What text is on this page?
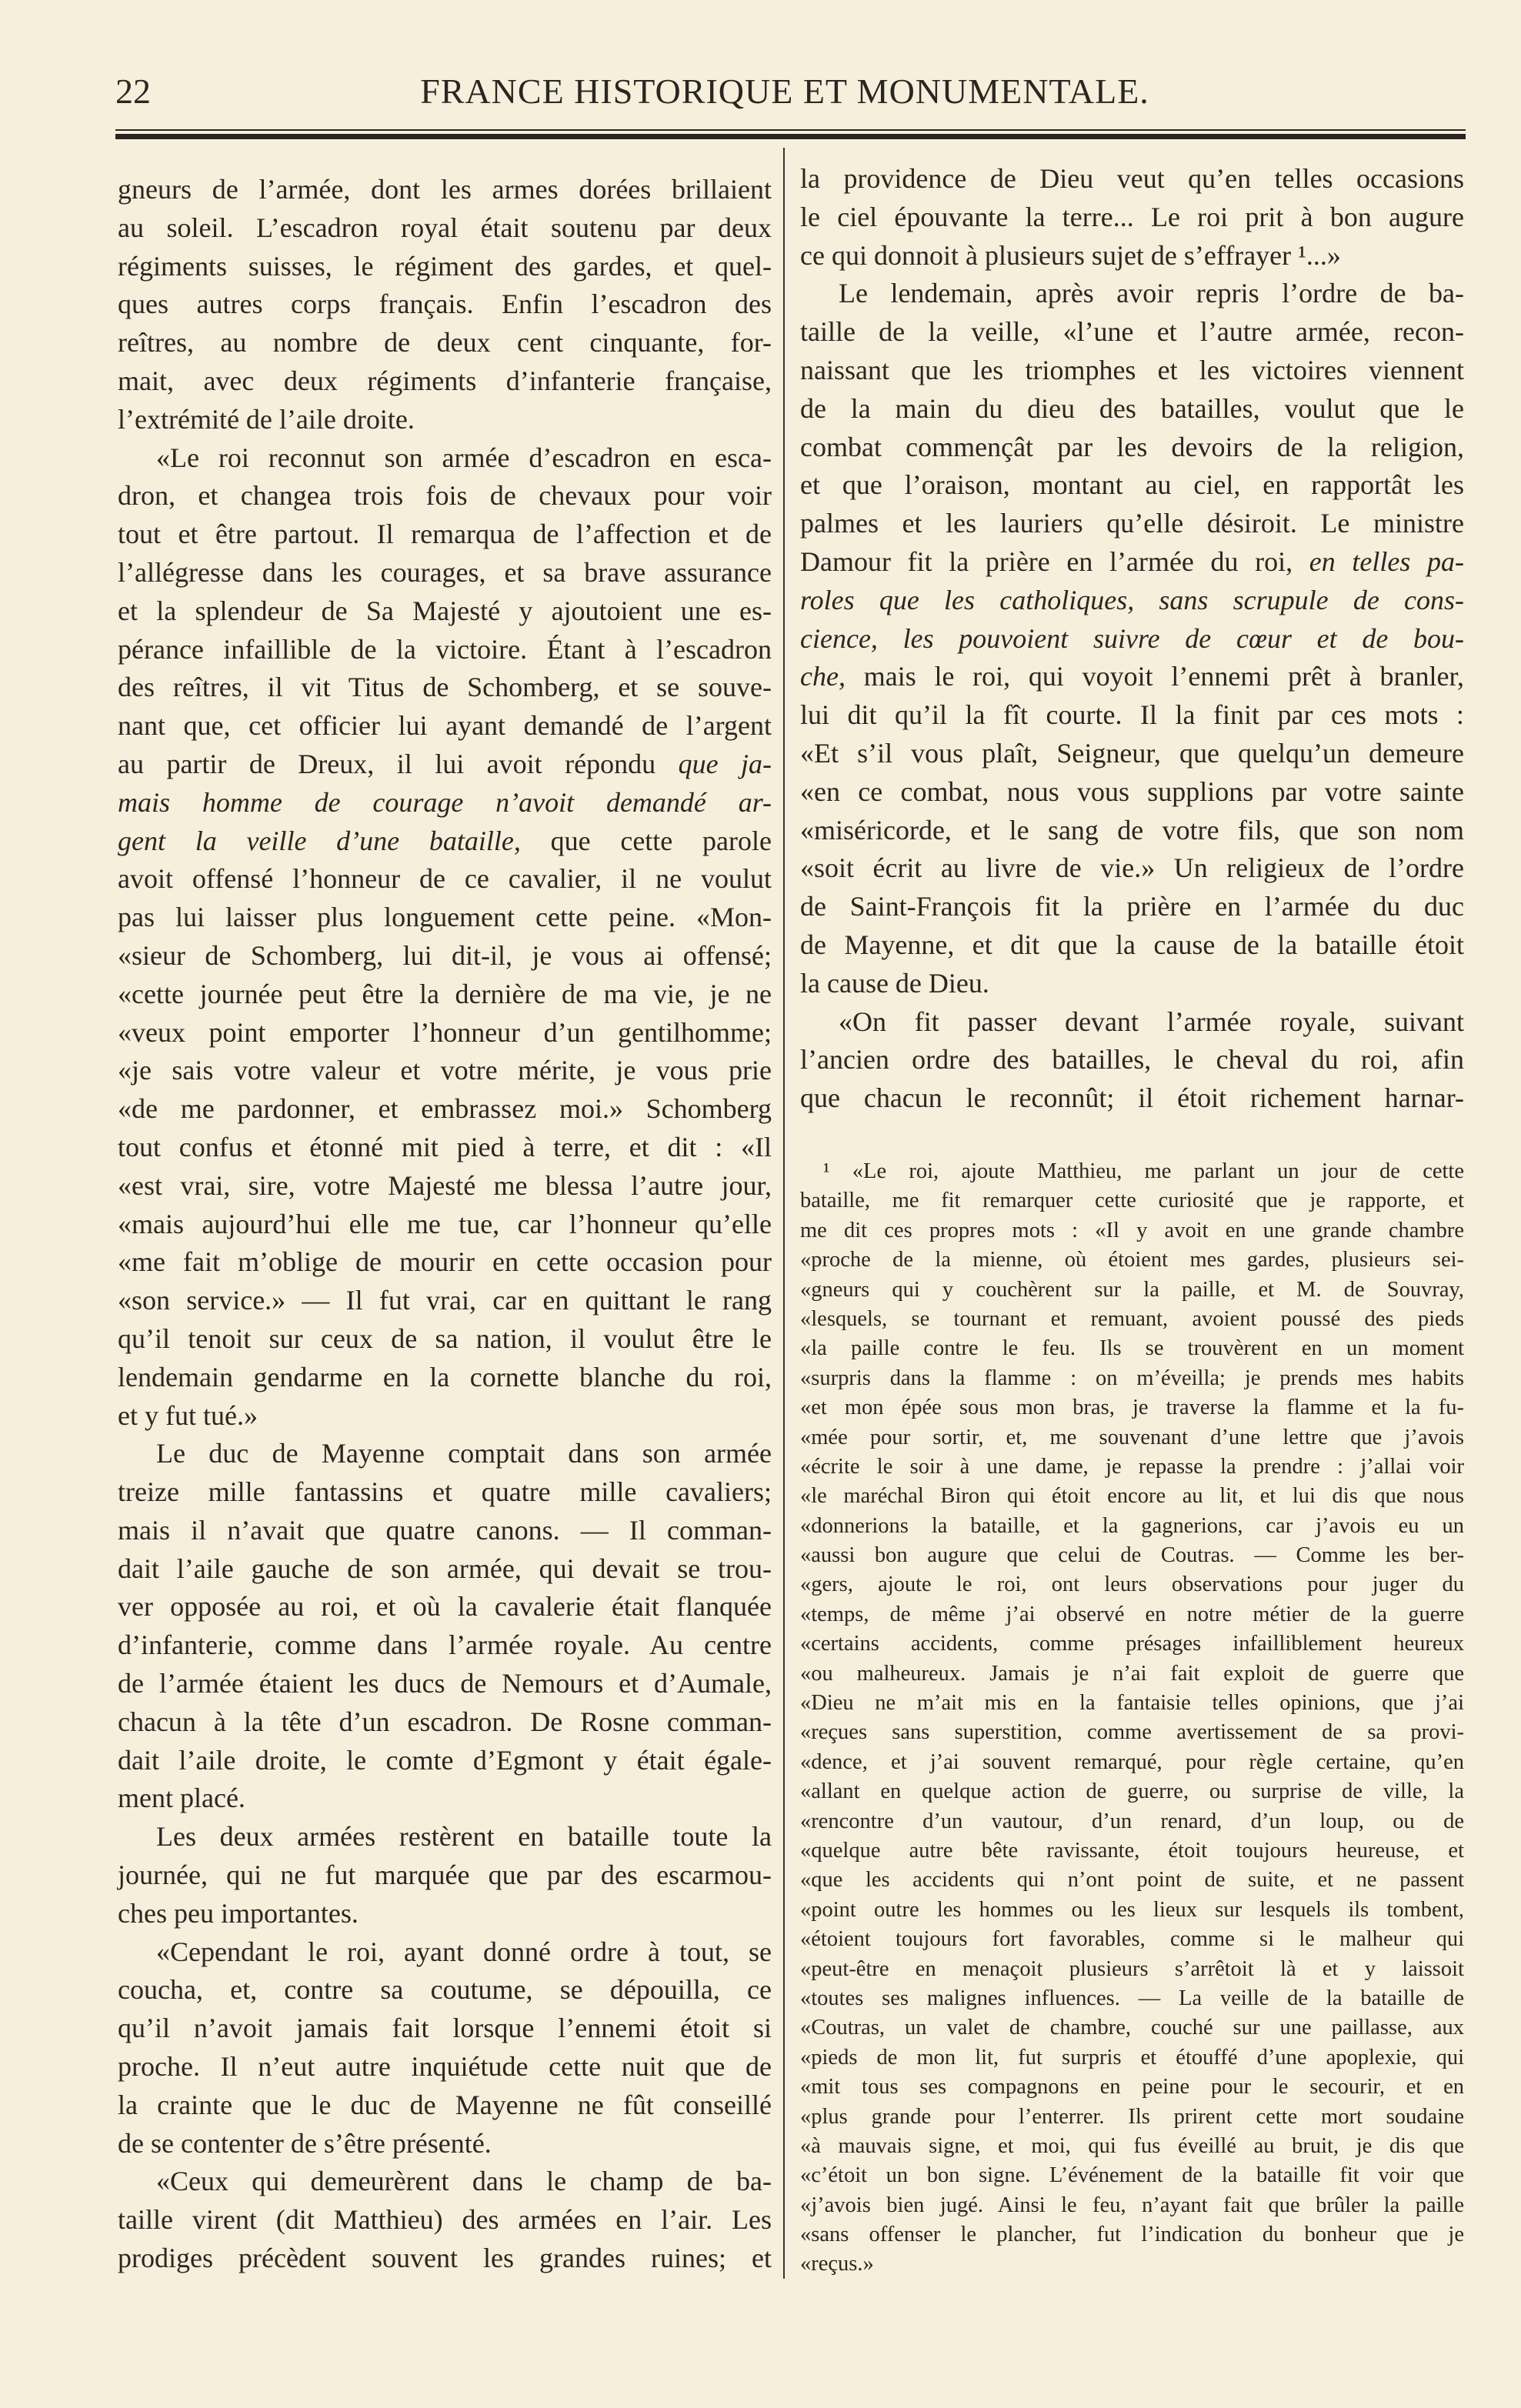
22	FRANCE HISTORIQUE ET MONUMENTALE.
gneurs de l’armée, dont les armes dorées brillaient
au soleil. L’escadron royal était soutenu par deux
régiments suisses, le régiment des gardes, et quel-
ques autres corps français. Enfin l’escadron des
reîtres, au nombre de deux cent cinquante, for-
mait, avec deux régiments d’infanterie française,
l’extrémité de l’aile droite.
«Le roi reconnut son armée d’escadron en esca-
dron, et changea trois fois de chevaux pour voir
tout et être partout. Il remarqua de l’affection et de
l’allégresse dans les courages, et sa brave assurance
et la splendeur de Sa Majesté y ajoutoient une es-
pérance infaillible de la victoire. Étant à l’escadron
des reîtres, il vit Titus de Schomberg, et se souve-
nant que, cet officier lui ayant demandé de l’argent
au partir de Dreux, il lui avoit répondu que ja-
mais homme de courage n’avoit demandé ar-
gent la veille d’une bataille, que cette parole
avoit offensé l’honneur de ce cavalier, il ne voulut
pas lui laisser plus longuement cette peine. «Mon-
«sieur de Schomberg, lui dit-il, je vous ai offensé;
«cette journée peut être la dernière de ma vie, je ne
«veux point emporter l’honneur d’un gentilhomme;
«je sais votre valeur et votre mérite, je vous prie
«de me pardonner, et embrassez moi.» Schomberg
tout confus et étonné mit pied à terre, et dit : «Il
«est vrai, sire, votre Majesté me blessa l’autre jour,
«mais aujourd’hui elle me tue, car l’honneur qu’elle
«me fait m’oblige de mourir en cette occasion pour
«son service.» — Il fut vrai, car en quittant le rang
qu’il tenoit sur ceux de sa nation, il voulut être le
lendemain gendarme en la cornette blanche du roi,
et y fut tué.»
Le duc de Mayenne comptait dans son armée
treize mille fantassins et quatre mille cavaliers;
mais il n’avait que quatre canons. — Il comman-
dait l’aile gauche de son armée, qui devait se trou-
ver opposée au roi, et où la cavalerie était flanquée
d’infanterie, comme dans l’armée royale. Au centre
de l’armée étaient les ducs de Nemours et d’Aumale,
chacun à la tête d’un escadron. De Rosne comman-
dait l’aile droite, le comte d’Egmont y était égale-
ment placé.
Les deux armées restèrent en bataille toute la
journée, qui ne fut marquée que par des escarmou-
ches peu importantes.
«Cependant le roi, ayant donné ordre à tout, se
coucha, et, contre sa coutume, se dépouilla, ce
qu’il n’avoit jamais fait lorsque l’ennemi étoit si
proche. Il n’eut autre inquiétude cette nuit que de
la crainte que le duc de Mayenne ne fût conseillé
de se contenter de s’être présenté.
«Ceux qui demeurèrent dans le champ de ba-
taille virent (dit Matthieu) des armées en l’air. Les
prodiges précèdent souvent les grandes ruines; et
la providence de Dieu veut qu’en telles occasions
le ciel épouvante la terre... Le roi prit à bon augure
ce qui donnoit à plusieurs sujet de s’effrayer ¹...»
Le lendemain, après avoir repris l’ordre de ba-
taille de la veille, «l’une et l’autre armée, recon-
naissant que les triomphes et les victoires viennent
de la main du dieu des batailles, voulut que le
combat commençât par les devoirs de la religion,
et que l’oraison, montant au ciel, en rapportât les
palmes et les lauriers qu’elle désiroit. Le ministre
Damour fit la prière en l’armée du roi, en telles pa-
roles que les catholiques, sans scrupule de cons-
cience, les pouvoient suivre de cœur et de bou-
che, mais le roi, qui voyoit l’ennemi prêt à branler,
lui dit qu’il la fît courte. Il la finit par ces mots :
«Et s’il vous plaît, Seigneur, que quelqu’un demeure
«en ce combat, nous vous supplions par votre sainte
«miséricorde, et le sang de votre fils, que son nom
«soit écrit au livre de vie.» Un religieux de l’ordre
de Saint-François fit la prière en l’armée du duc
de Mayenne, et dit que la cause de la bataille étoit
la cause de Dieu.
«On fit passer devant l’armée royale, suivant
l’ancien ordre des batailles, le cheval du roi, afin
que chacun le reconnût; il étoit richement harnar-
¹ «Le roi, ajoute Matthieu, me parlant un jour de cette
bataille, me fit remarquer cette curiosité que je rapporte, et
me dit ces propres mots : «Il y avoit en une grande chambre
«proche de la mienne, où étoient mes gardes, plusieurs sei-
«gneurs qui y couchèrent sur la paille, et M. de Souvray,
«lesquels, se tournant et remuant, avoient poussé des pieds
«la paille contre le feu. Ils se trouvèrent en un moment
«surpris dans la flamme : on m’éveilla; je prends mes habits
«et mon épée sous mon bras, je traverse la flamme et la fu-
«mée pour sortir, et, me souvenant d’une lettre que j’avois
«écrite le soir à une dame, je repasse la prendre : j’allai voir
«le maréchal Biron qui étoit encore au lit, et lui dis que nous
«donnerions la bataille, et la gagnerions, car j’avois eu un
«aussi bon augure que celui de Coutras. — Comme les ber-
«gers, ajoute le roi, ont leurs observations pour juger du
«temps, de même j’ai observé en notre métier de la guerre
«certains accidents, comme présages infailliblement heureux
«ou malheureux. Jamais je n’ai fait exploit de guerre que
«Dieu ne m’ait mis en la fantaisie telles opinions, que j’ai
«reçues sans superstition, comme avertissement de sa provi-
«dence, et j’ai souvent remarqué, pour règle certaine, qu’en
«allant en quelque action de guerre, ou surprise de ville, la
«rencontre d’un vautour, d’un renard, d’un loup, ou de
«quelque autre bête ravissante, étoit toujours heureuse, et
«que les accidents qui n’ont point de suite, et ne passent
«point outre les hommes ou les lieux sur lesquels ils tombent,
«étoient toujours fort favorables, comme si le malheur qui
«peut-être en menaçoit plusieurs s’arrêtoit là et y laissoit
«toutes ses malignes influences. — La veille de la bataille de
«Coutras, un valet de chambre, couché sur une paillasse, aux
«pieds de mon lit, fut surpris et étouffé d’une apoplexie, qui
«mit tous ses compagnons en peine pour le secourir, et en
«plus grande pour l’enterrer. Ils prirent cette mort soudaine
«à mauvais signe, et moi, qui fus éveillé au bruit, je dis que
«c’étoit un bon signe. L’événement de la bataille fit voir que
«j’avois bien jugé. Ainsi le feu, n’ayant fait que brûler la paille
«sans offenser le plancher, fut l’indication du bonheur que je
«reçus.»
